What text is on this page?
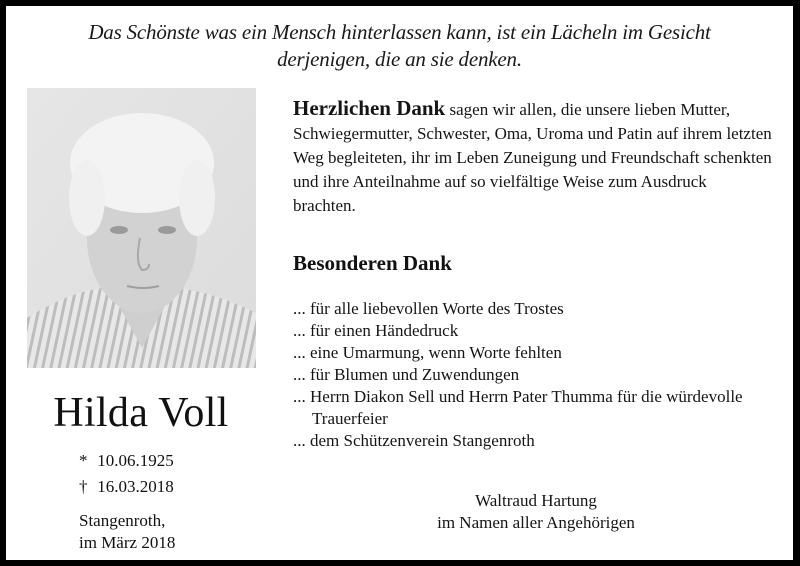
Das Schönste was ein Mensch hinterlassen kann, ist ein Lächeln im Gesicht
derjenigen, die an sie denken.
Hilda Voll
* 10.06.1925
† 16.03.2018
Stangenroth,
im März 2018
Herzlichen Dank sagen wir allen, die unsere lieben Mutter, Schwiegermutter, Schwester, Oma, Uroma und Patin auf ihrem letzten Weg begleiteten, ihr im Leben Zuneigung und Freundschaft schenkten und ihre Anteilnahme auf so vielfältige Weise zum Ausdruck brachten.
Besonderen Dank
... für alle liebevollen Worte des Trostes
... für einen Händedruck
... eine Umarmung, wenn Worte fehlten
... für Blumen und Zuwendungen
... Herrn Diakon Sell und Herrn Pater Thumma für die würdevolle Trauerfeier
... dem Schützenverein Stangenroth
Waltraud Hartung
im Namen aller Angehörigen
